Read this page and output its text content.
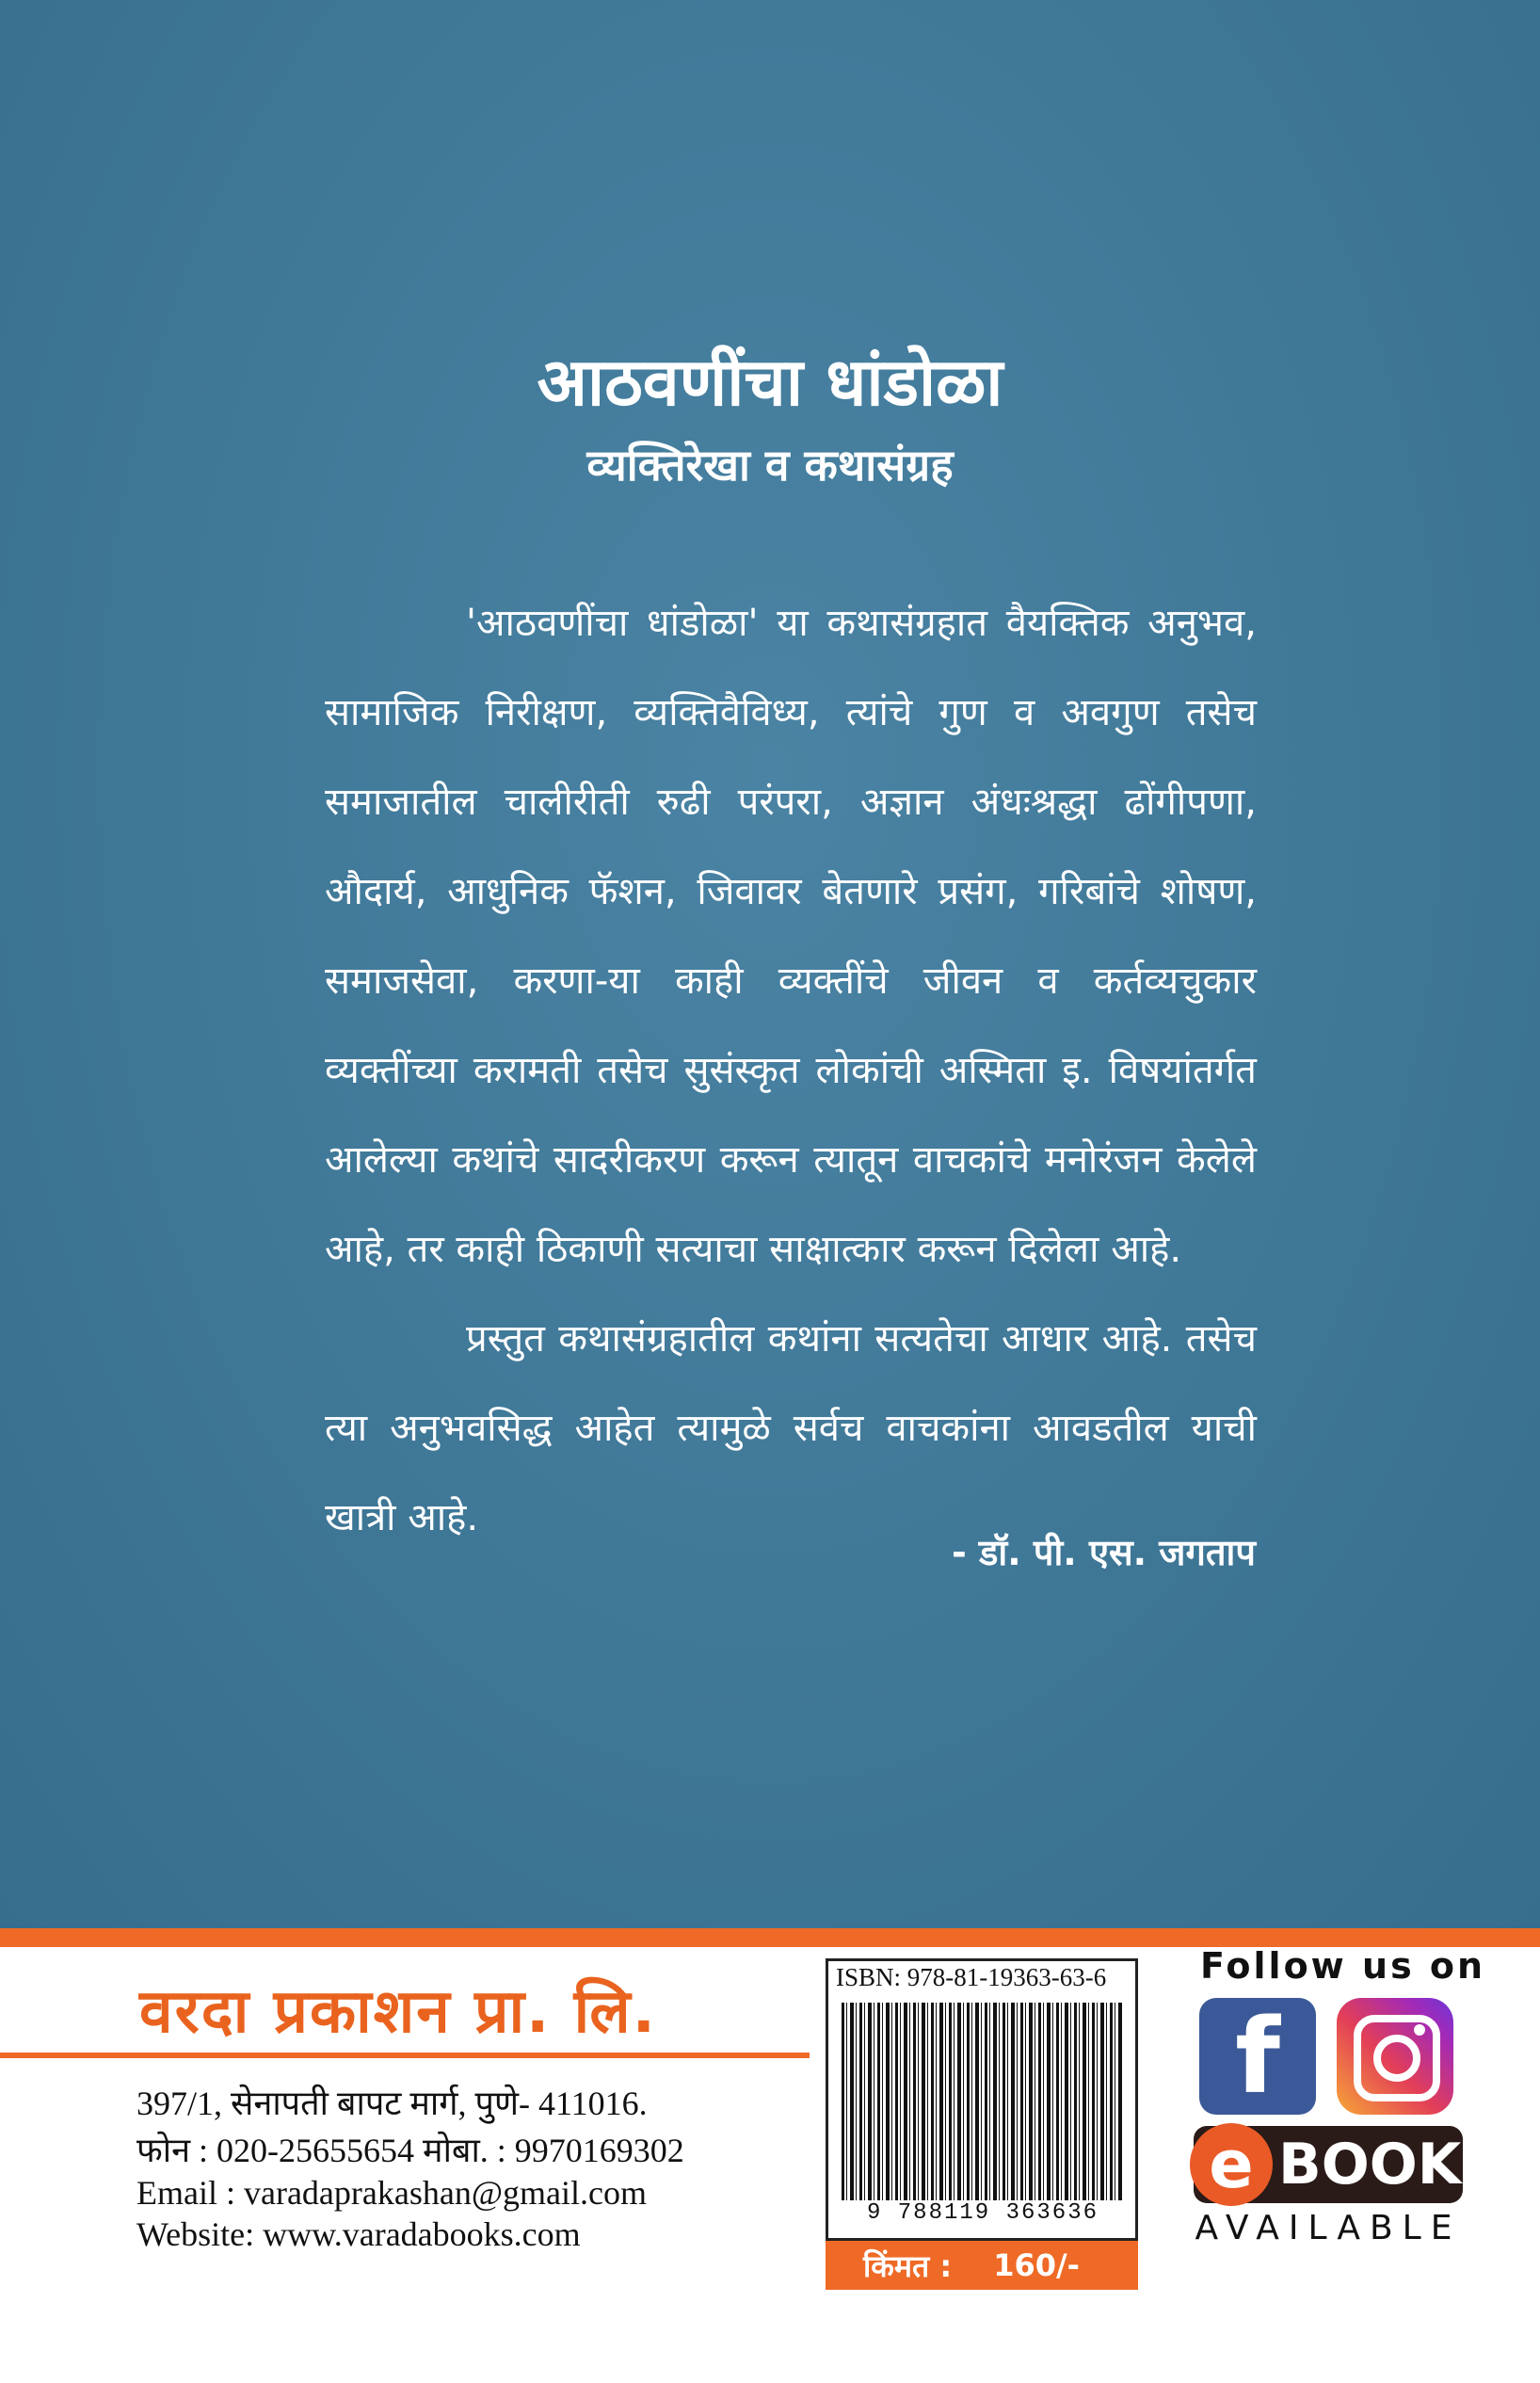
आठवणींचा धांडोळा
व्यक्तिरेखा व कथासंग्रह

'आठवणींचा धांडोळा' या कथासंग्रहात वैयक्तिक अनुभव, सामाजिक निरीक्षण, व्यक्तिवैविध्य, त्यांचे गुण व अवगुण तसेच समाजातील चालीरीती रुढी परंपरा, अज्ञान अंधःश्रद्धा ढोंगीपणा, औदार्य, आधुनिक फॅशन, जिवावर बेतणारे प्रसंग, गरिबांचे शोषण, समाजसेवा, करणा-या काही व्यक्तींचे जीवन व कर्तव्यचुकार व्यक्तींच्या करामती तसेच सुसंस्कृत लोकांची अस्मिता इ. विषयांतर्गत आलेल्या कथांचे सादरीकरण करून त्यातून वाचकांचे मनोरंजन केलेले आहे, तर काही ठिकाणी सत्याचा साक्षात्कार करून दिलेला आहे.

प्रस्तुत कथासंग्रहातील कथांना सत्यतेचा आधार आहे. तसेच त्या अनुभवसिद्ध आहेत त्यामुळे सर्वच वाचकांना आवडतील याची खात्री आहे.

- डॉ. पी. एस. जगताप
वरदा प्रकाशन प्रा. लि.
397/1, सेनापती बापट मार्ग, पुणे- 411016.
फोन : 020-25655654 मोबा. : 9970169302
Email : varadaprakashan@gmail.com
Website: www.varadabooks.com
ISBN: 978-81-19363-63-6
9 788119 363636
किंमत : 160/-
Follow us on
f
e BOOK
AVAILABLE
